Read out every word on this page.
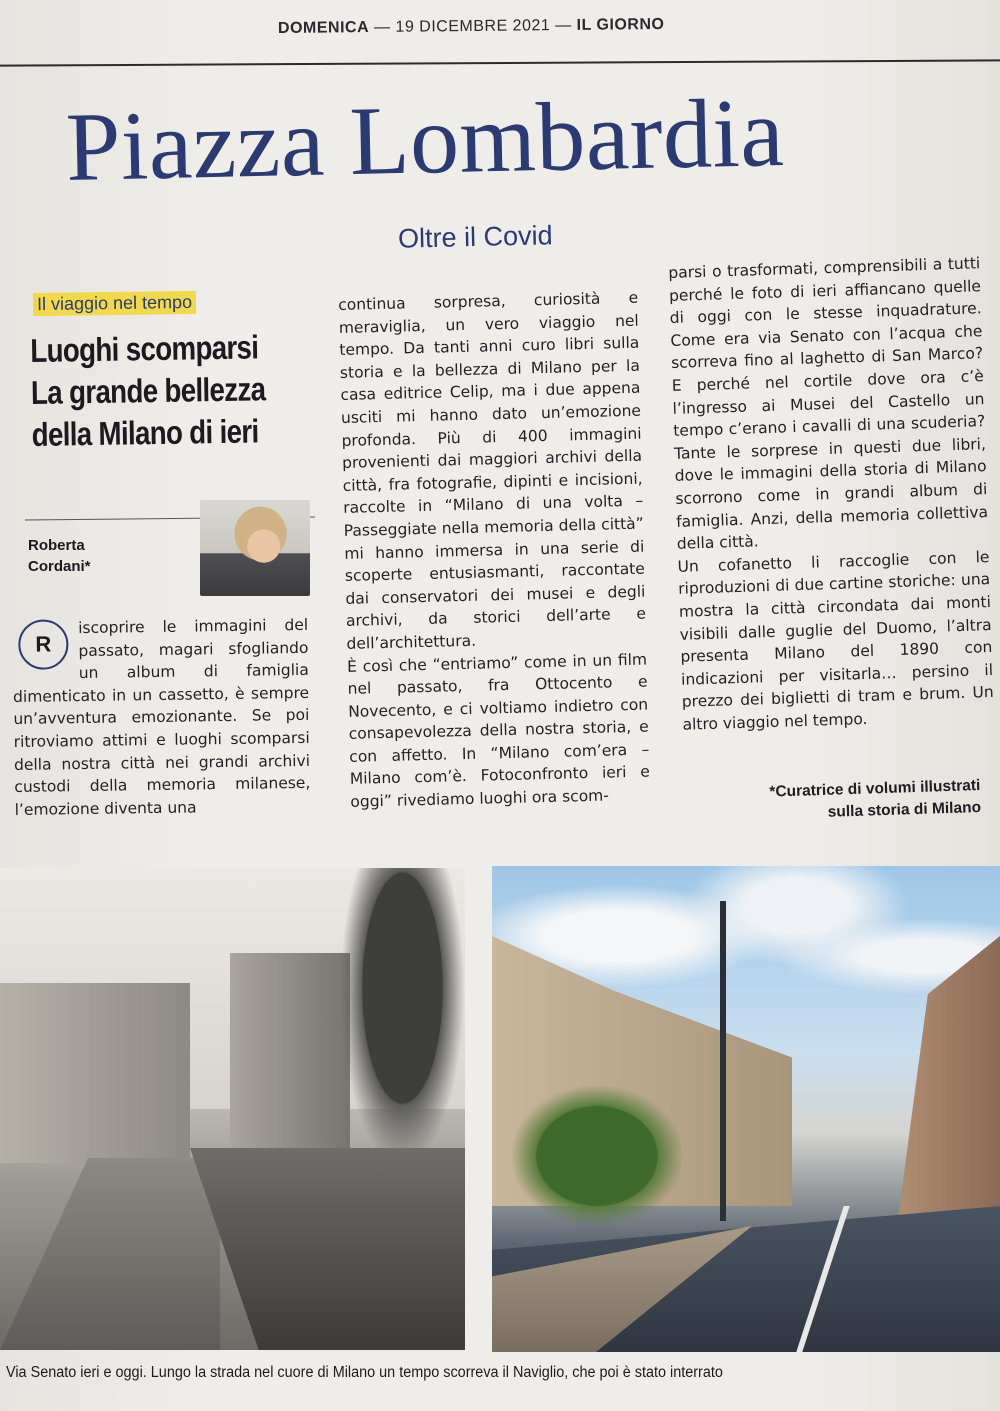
DOMENICA — 19 DICEMBRE 2021 — IL GIORNO
Piazza Lombardia
Oltre il Covid
Il viaggio nel tempo
Luoghi scomparsi
La grande bellezza
della Milano di ieri
Roberta
Cordani*
R

iscoprire le immagini del passato, magari sfogliando un album di famiglia dimenticato in un cassetto, è sempre un’avventura emozionante. Se poi ritroviamo attimi e luoghi scomparsi della nostra città nei grandi archivi custodi della memoria milanese, l’emozione diventa una

continua sorpresa, curiosità e meraviglia, un vero viaggio nel tempo. Da tanti anni curo libri sulla storia e la bellezza di Milano per la casa editrice Celip, ma i due appena usciti mi hanno dato un’emozione profonda. Più di 400 immagini provenienti dai maggiori archivi della città, fra fotografie, dipinti e incisioni, raccolte in “Milano di una volta – Passeggiate nella memoria della città” mi hanno immersa in una serie di scoperte entusiasmanti, raccontate dai conservatori dei musei e degli archivi, da storici dell’arte e dell’architettura.

È così che “entriamo” come in un film nel passato, fra Ottocento e Novecento, e ci voltiamo indietro con consapevolezza della nostra storia, e con affetto. In “Milano com’era – Milano com’è. Fotoconfronto ieri e oggi” rivediamo luoghi ora scom-

parsi o trasformati, comprensibili a tutti perché le foto di ieri affiancano quelle di oggi con le stesse inquadrature. Come era via Senato con l’acqua che scorreva fino al laghetto di San Marco? E perché nel cortile dove ora c’è l’ingresso ai Musei del Castello un tempo c’erano i cavalli di una scuderia? Tante le sorprese in questi due libri, dove le immagini della storia di Milano scorrono come in grandi album di famiglia. Anzi, della memoria collettiva della città.

Un cofanetto li raccoglie con le riproduzioni di due cartine storiche: una mostra la città circondata dai monti visibili dalle guglie del Duomo, l’altra presenta Milano del 1890 con indicazioni per visitarla… persino il prezzo dei biglietti di tram e brum. Un altro viaggio nel tempo.

*Curatrice di volumi illustrati
sulla storia di Milano
Via Senato ieri e oggi. Lungo la strada nel cuore di Milano un tempo scorreva il Naviglio, che poi è stato interrato
